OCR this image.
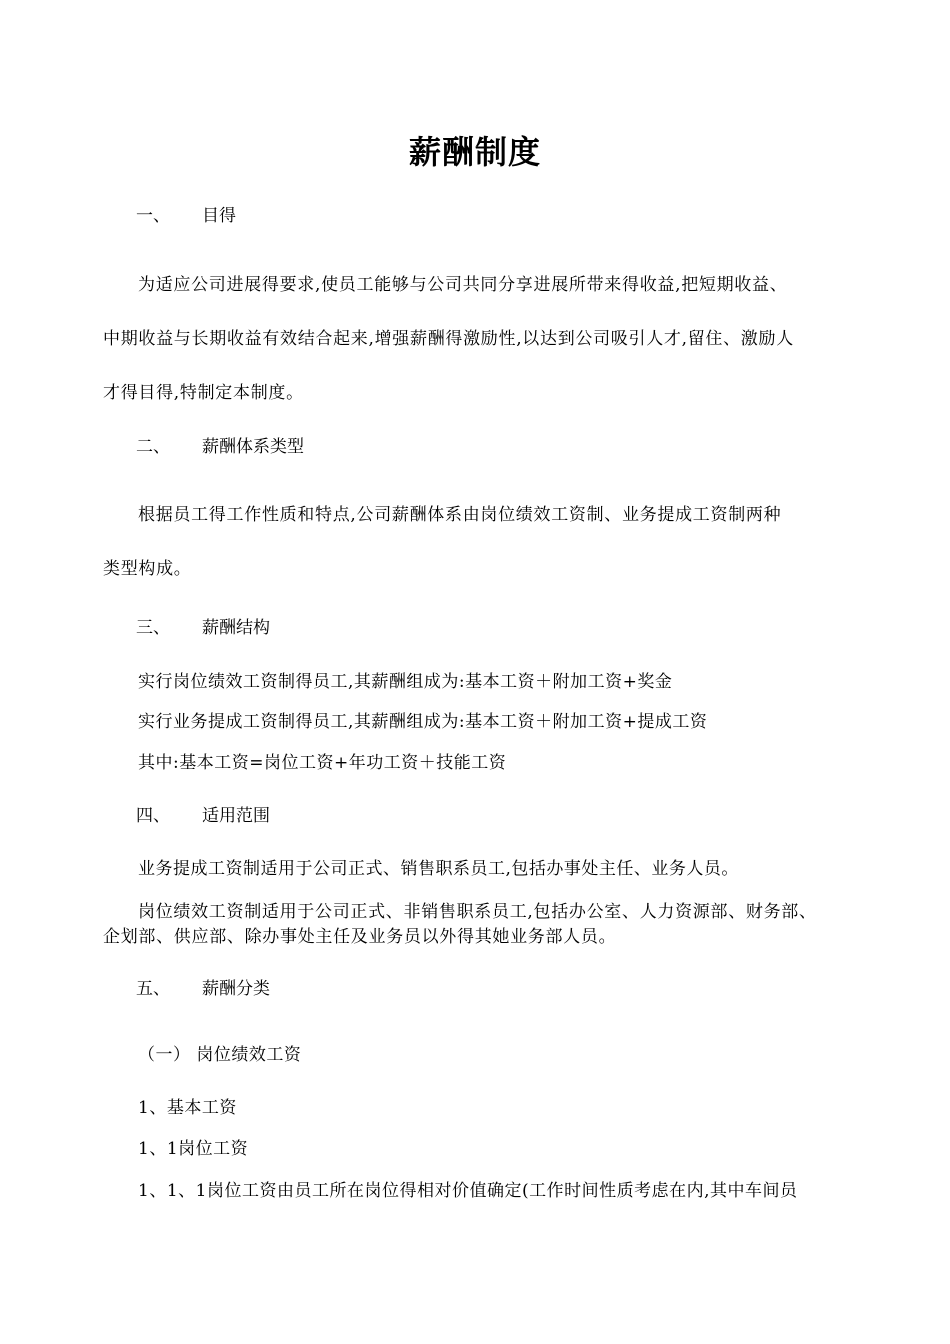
薪酬制度
一、 目得
为适应公司进展得要求,使员工能够与公司共同分享进展所带来得收益,把短期收益、
中期收益与长期收益有效结合起来,增强薪酬得激励性,以达到公司吸引人才,留住、激励人
才得目得,特制定本制度。
二、 薪酬体系类型
根据员工得工作性质和特点,公司薪酬体系由岗位绩效工资制、业务提成工资制两种
类型构成。
三、 薪酬结构
实行岗位绩效工资制得员工,其薪酬组成为:基本工资＋附加工资+奖金
实行业务提成工资制得员工,其薪酬组成为:基本工资＋附加工资+提成工资
其中:基本工资=岗位工资+年功工资＋技能工资
四、 适用范围
业务提成工资制适用于公司正式、销售职系员工,包括办事处主任、业务人员。
岗位绩效工资制适用于公司正式、非销售职系员工,包括办公室、人力资源部、财务部、
企划部、供应部、除办事处主任及业务员以外得其她业务部人员。
五、 薪酬分类
（一） 岗位绩效工资
1、基本工资
1、1岗位工资
1、1、1岗位工资由员工所在岗位得相对价值确定(工作时间性质考虑在内,其中车间员
